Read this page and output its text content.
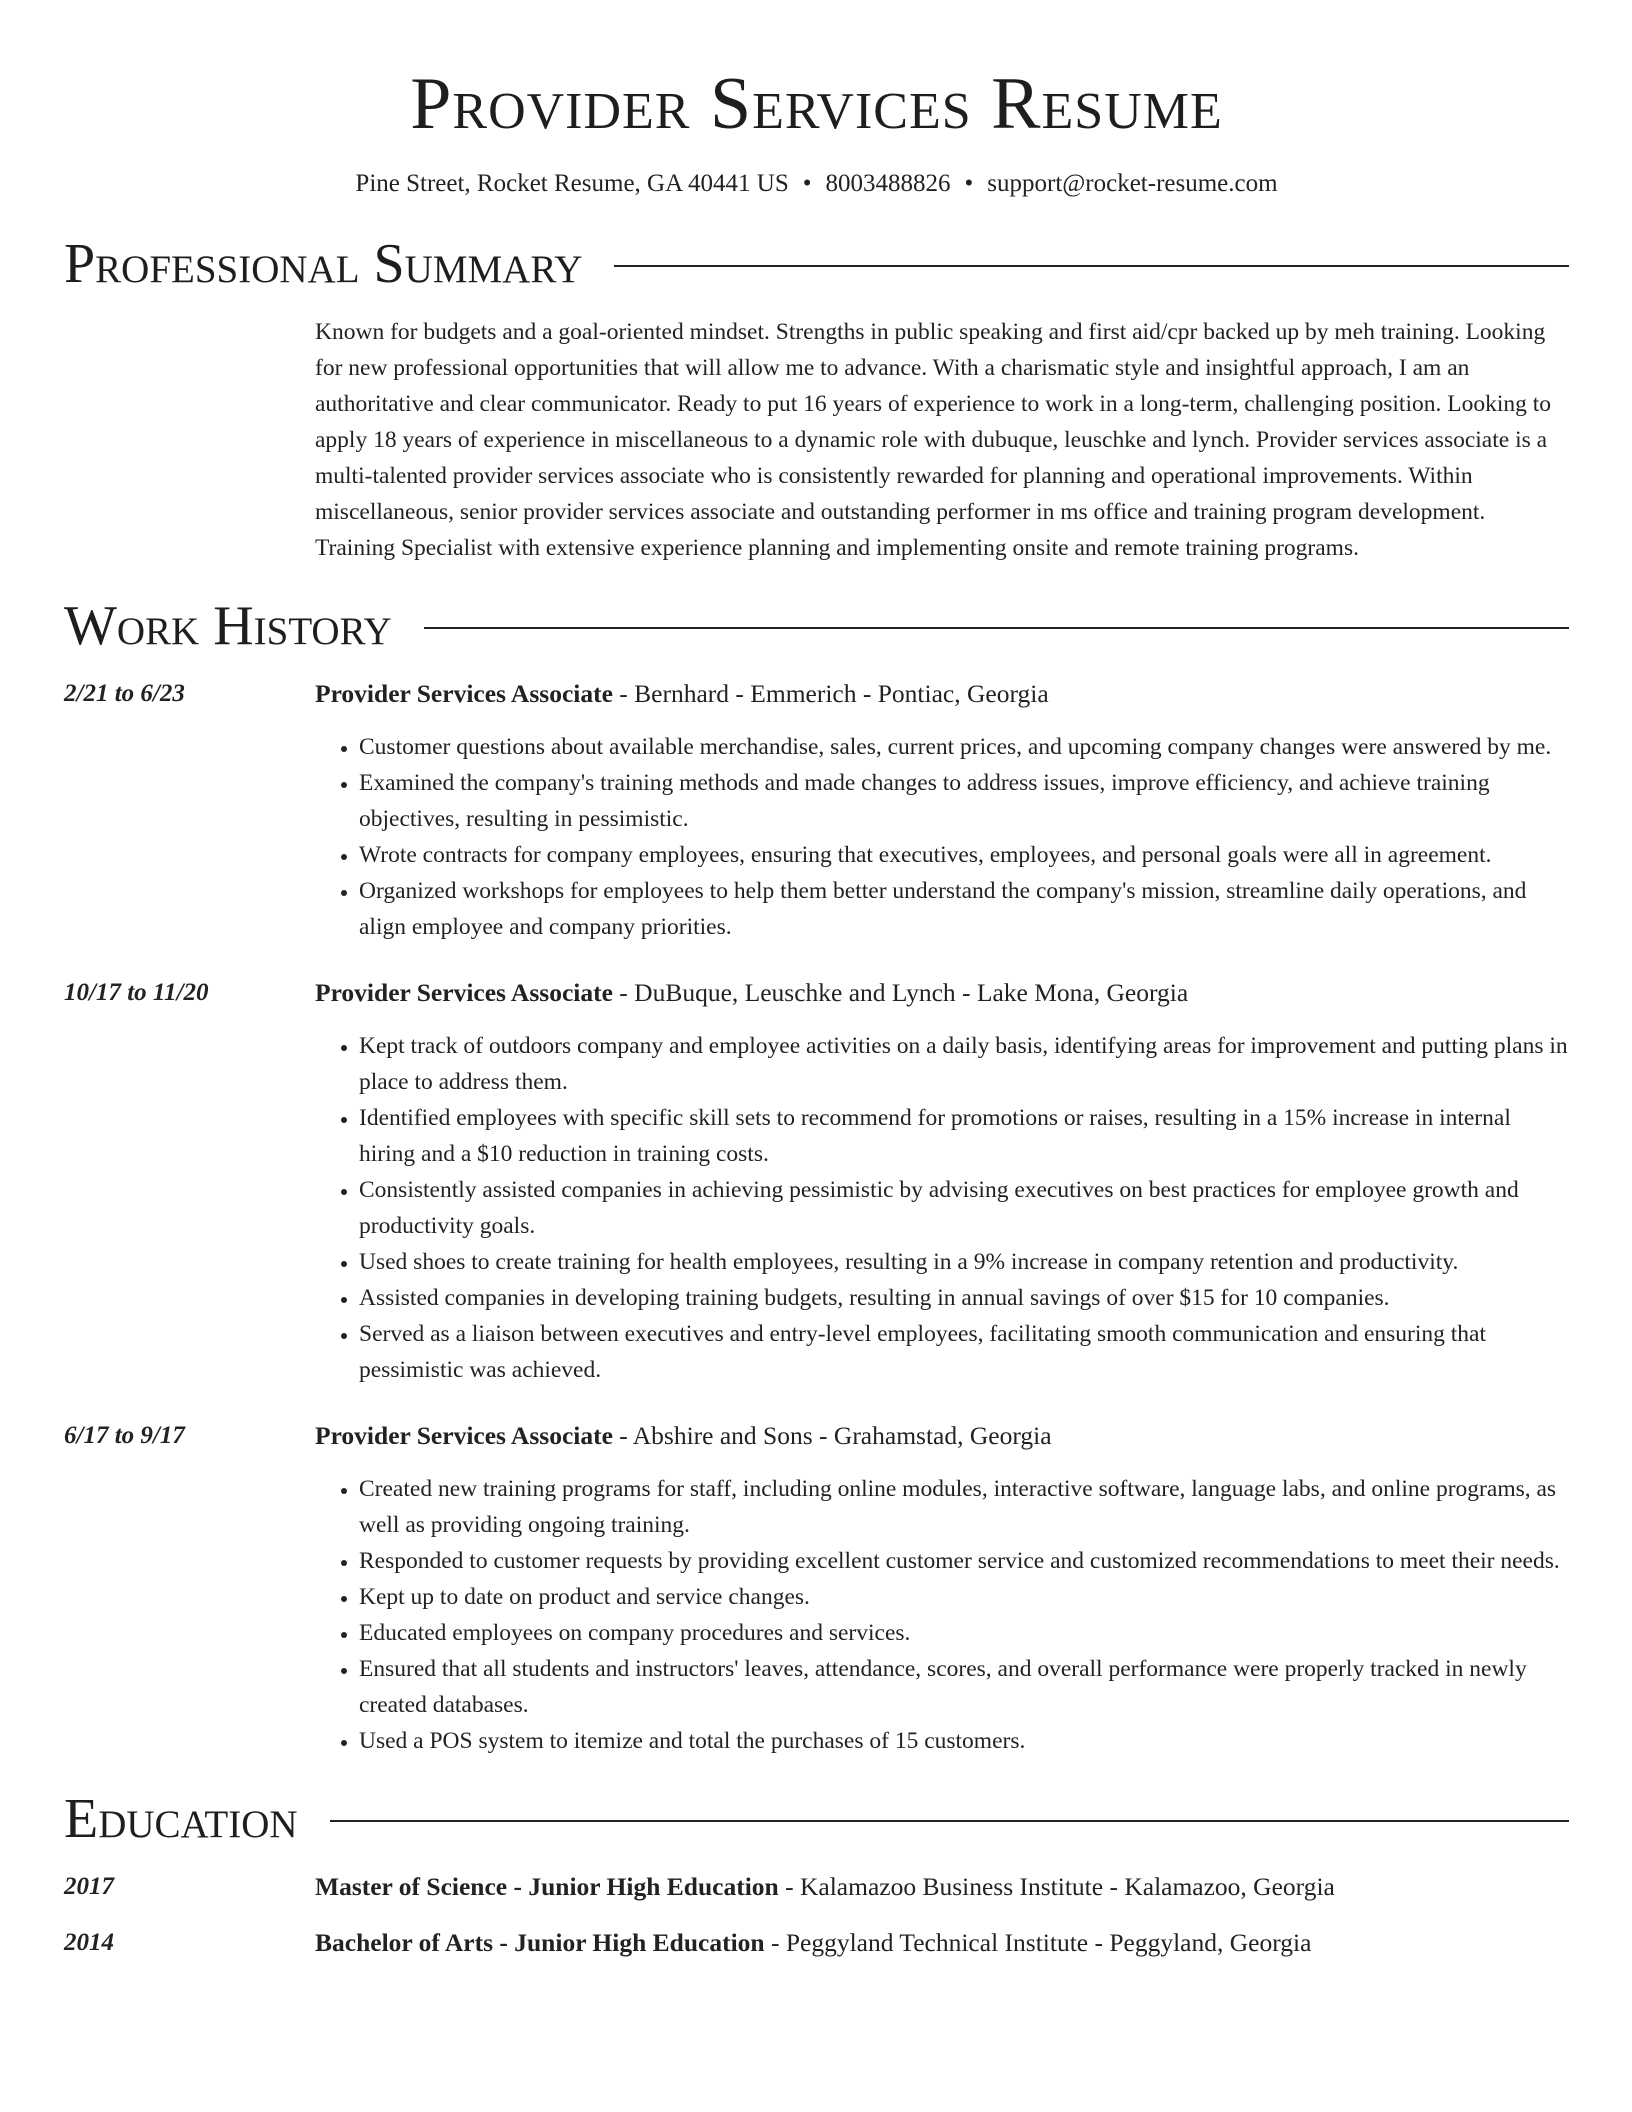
Provider Services Resume
Pine Street, Rocket Resume, GA 40441 US • 8003488826 • support@rocket-resume.com
Professional Summary

Known for budgets and a goal-oriented mindset. Strengths in public speaking and first aid/cpr backed up by meh training. Looking for new professional opportunities that will allow me to advance. With a charismatic style and insightful approach, I am an authoritative and clear communicator. Ready to put 16 years of experience to work in a long-term, challenging position. Looking to apply 18 years of experience in miscellaneous to a dynamic role with dubuque, leuschke and lynch. Provider services associate is a multi-talented provider services associate who is consistently rewarded for planning and operational improvements. Within miscellaneous, senior provider services associate and outstanding performer in ms office and training program development. Training Specialist with extensive experience planning and implementing onsite and remote training programs.

Work History
2/21 to 6/23	Provider Services Associate - Bernhard - Emmerich - Pontiac, Georgia
• Customer questions about available merchandise, sales, current prices, and upcoming company changes were answered by me.
• Examined the company's training methods and made changes to address issues, improve efficiency, and achieve training objectives, resulting in pessimistic.
• Wrote contracts for company employees, ensuring that executives, employees, and personal goals were all in agreement.
• Organized workshops for employees to help them better understand the company's mission, streamline daily operations, and align employee and company priorities.
10/17 to 11/20	Provider Services Associate - DuBuque, Leuschke and Lynch - Lake Mona, Georgia
• Kept track of outdoors company and employee activities on a daily basis, identifying areas for improvement and putting plans in place to address them.
• Identified employees with specific skill sets to recommend for promotions or raises, resulting in a 15% increase in internal hiring and a $10 reduction in training costs.
• Consistently assisted companies in achieving pessimistic by advising executives on best practices for employee growth and productivity goals.
• Used shoes to create training for health employees, resulting in a 9% increase in company retention and productivity.
• Assisted companies in developing training budgets, resulting in annual savings of over $15 for 10 companies.
• Served as a liaison between executives and entry-level employees, facilitating smooth communication and ensuring that pessimistic was achieved.
6/17 to 9/17	Provider Services Associate - Abshire and Sons - Grahamstad, Georgia
• Created new training programs for staff, including online modules, interactive software, language labs, and online programs, as well as providing ongoing training.
• Responded to customer requests by providing excellent customer service and customized recommendations to meet their needs.
• Kept up to date on product and service changes.
• Educated employees on company procedures and services.
• Ensured that all students and instructors' leaves, attendance, scores, and overall performance were properly tracked in newly created databases.
• Used a POS system to itemize and total the purchases of 15 customers.
Education
2017	Master of Science - Junior High Education - Kalamazoo Business Institute - Kalamazoo, Georgia
2014	Bachelor of Arts - Junior High Education - Peggyland Technical Institute - Peggyland, Georgia
